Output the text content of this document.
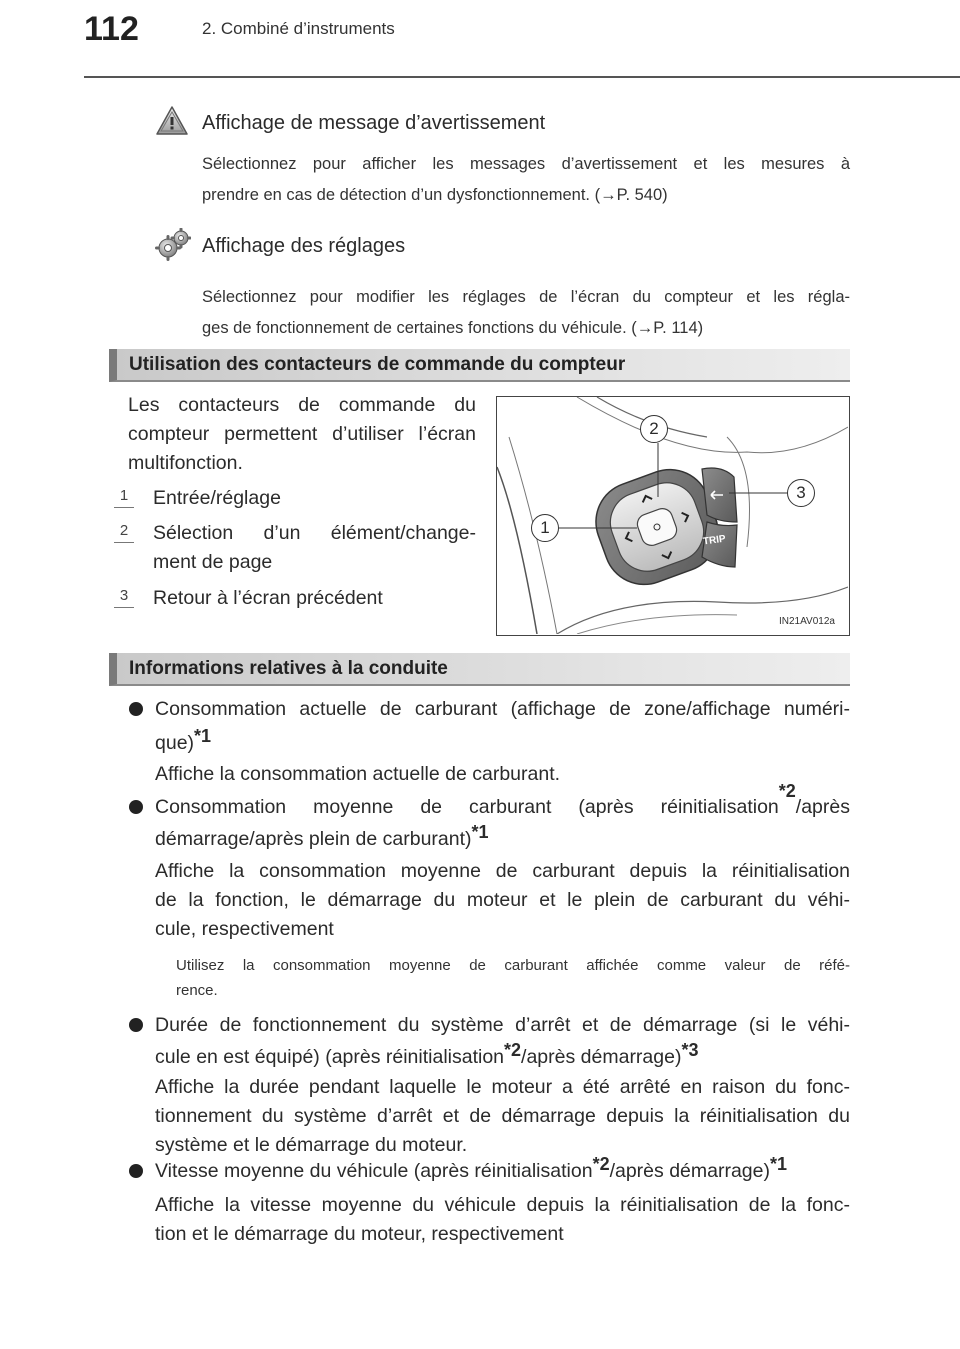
112	2. Combiné d’instruments
Affichage de message d’avertissement
Sélectionnez pour afficher les messages d’avertissement et les mesures à
prendre en cas de détection d’un dysfonctionnement. (→P. 540)
Affichage des réglages
Sélectionnez pour modifier les réglages de l’écran du compteur et les régla-
ges de fonctionnement de certaines fonctions du véhicule. (→P. 114)
Utilisation des contacteurs de commande du compteur
Les contacteurs de commande du
compteur permettent d’utiliser l’écran
multifonction.
1 Entrée/réglage
2 Sélection d’un élément/change-
ment de page
3 Retour à l’écran précédent
TRIP
2
1
3
IN21AV012a
Informations relatives à la conduite
Consommation actuelle de carburant (affichage de zone/affichage numéri-
que)$^{*1}$
Affiche la consommation actuelle de carburant.
Consommation moyenne de carburant (après réinitialisation
*2
/après
démarrage/après plein de carburant)$^{*1}$
Affiche la consommation moyenne de carburant depuis la réinitialisation
de la fonction, le démarrage du moteur et le plein de carburant du véhi-
cule, respectivement
Utilisez la consommation moyenne de carburant affichée comme valeur de réfé-
rence.
Durée de fonctionnement du système d’arrêt et de démarrage (si le véhi-
cule en est équipé) (après réinitialisation$^{*2}$/après démarrage)$^{*3}$
Affiche la durée pendant laquelle le moteur a été arrêté en raison du fonc-
tionnement du système d’arrêt et de démarrage depuis la réinitialisation du
système et le démarrage du moteur.
Vitesse moyenne du véhicule (après réinitialisation$^{*2}$/après démarrage)$^{*1}$
Affiche la vitesse moyenne du véhicule depuis la réinitialisation de la fonc-
tion et le démarrage du moteur, respectivement
